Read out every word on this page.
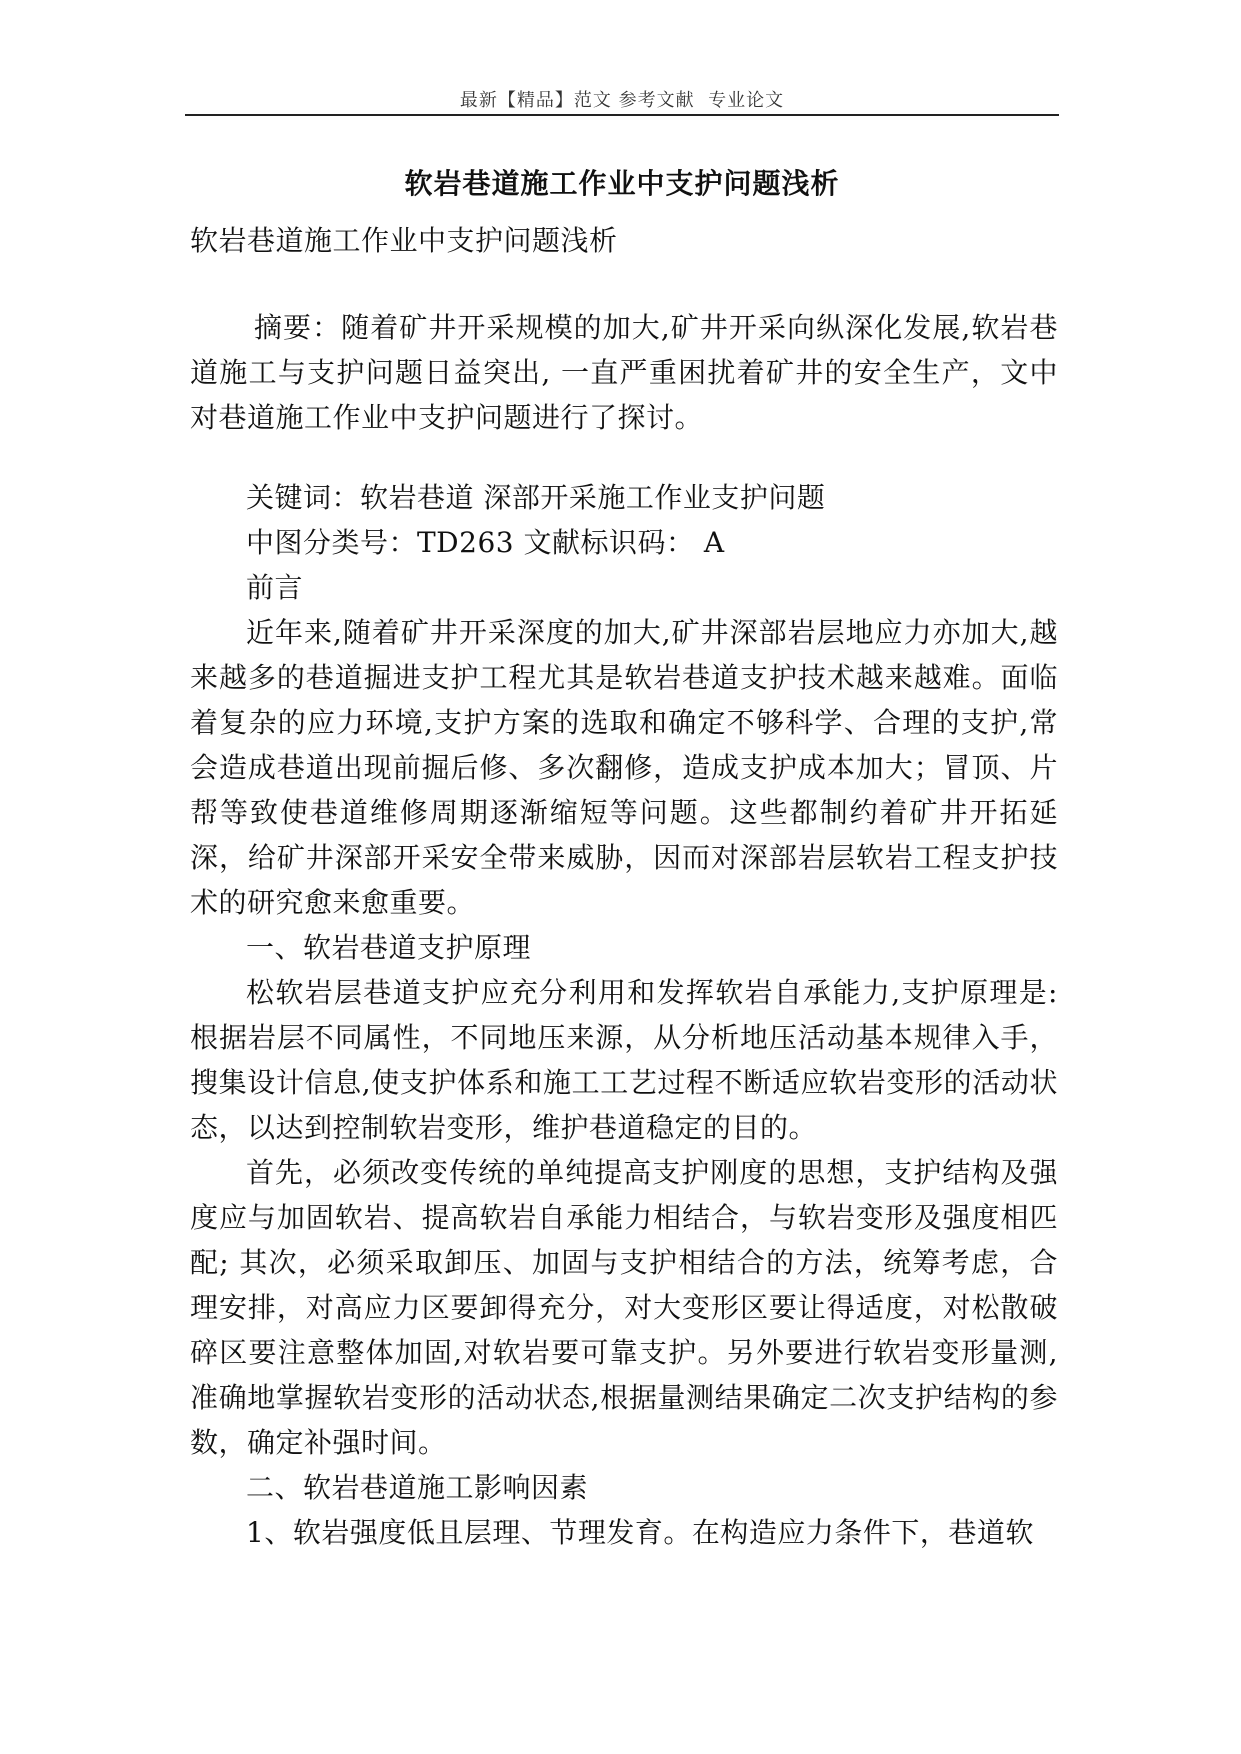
最新【精品】范文 参考文献  专业论文
软岩巷道施工作业中支护问题浅析

软岩巷道施工作业中支护问题浅析

摘要：随着矿井开采规模的加大,矿井开采向纵深化发展,软岩巷道施工与支护问题日益突出, 一直严重困扰着矿井的安全生产，文中对巷道施工作业中支护问题进行了探讨。

关键词：软岩巷道 深部开采施工作业支护问题

中图分类号：TD263 文献标识码： A

前言

近年来,随着矿井开采深度的加大,矿井深部岩层地应力亦加大,越来越多的巷道掘进支护工程尤其是软岩巷道支护技术越来越难。面临着复杂的应力环境,支护方案的选取和确定不够科学、合理的支护,常会造成巷道出现前掘后修、多次翻修，造成支护成本加大；冒顶、片帮等致使巷道维修周期逐渐缩短等问题。这些都制约着矿井开拓延深，给矿井深部开采安全带来威胁，因而对深部岩层软岩工程支护技术的研究愈来愈重要。

一、软岩巷道支护原理

松软岩层巷道支护应充分利用和发挥软岩自承能力,支护原理是:根据岩层不同属性，不同地压来源，从分析地压活动基本规律入手，搜集设计信息,使支护体系和施工工艺过程不断适应软岩变形的活动状态，以达到控制软岩变形，维护巷道稳定的目的。

首先，必须改变传统的单纯提高支护刚度的思想，支护结构及强度应与加固软岩、提高软岩自承能力相结合，与软岩变形及强度相匹配; 其次，必须采取卸压、加固与支护相结合的方法，统筹考虑，合理安排，对高应力区要卸得充分，对大变形区要让得适度，对松散破碎区要注意整体加固,对软岩要可靠支护。另外要进行软岩变形量测,准确地掌握软岩变形的活动状态,根据量测结果确定二次支护结构的参数，确定补强时间。

二、软岩巷道施工影响因素

1、软岩强度低且层理、节理发育。在构造应力条件下，巷道软
